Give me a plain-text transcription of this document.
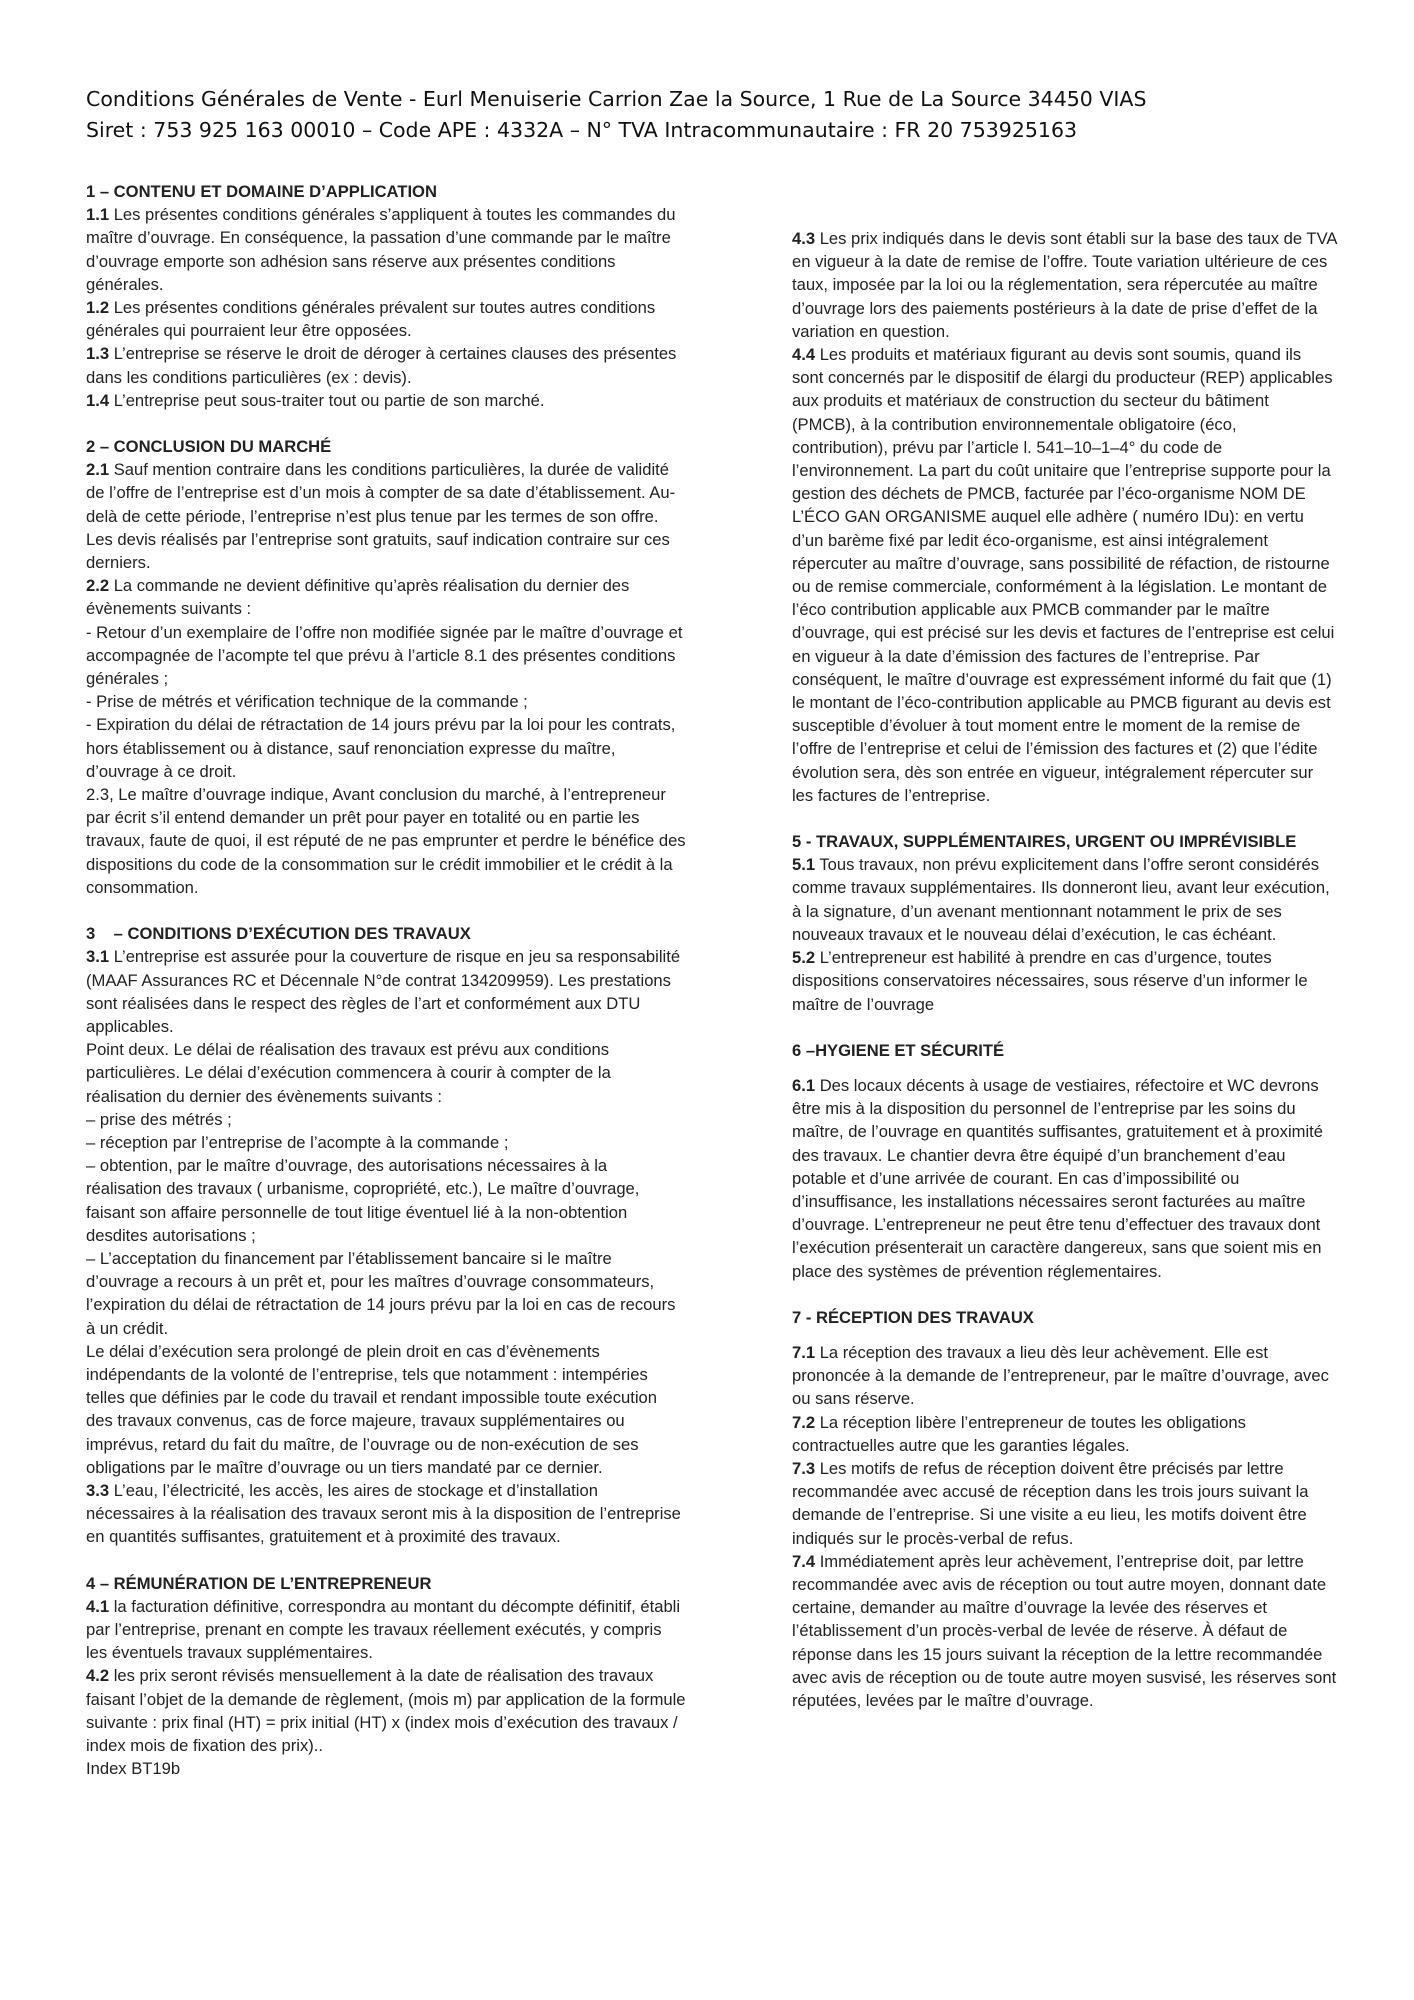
Conditions Générales de Vente - Eurl Menuiserie Carrion Zae la Source, 1 Rue de La Source 34450 VIAS
Siret : 753 925 163 00010 – Code APE : 4332A – N° TVA Intracommunautaire : FR 20 753925163

1 – CONTENU ET DOMAINE D’APPLICATION

1.1 Les présentes conditions générales s’appliquent à toutes les commandes du maître d’ouvrage. En conséquence, la passation d’une commande par le maître d’ouvrage emporte son adhésion sans réserve aux présentes conditions générales.

1.2 Les présentes conditions générales prévalent sur toutes autres conditions générales qui pourraient leur être opposées.

1.3 L’entreprise se réserve le droit de déroger à certaines clauses des présentes dans les conditions particulières (ex : devis).

1.4 L’entreprise peut sous-traiter tout ou partie de son marché.

2 – CONCLUSION DU MARCHÉ

2.1 Sauf mention contraire dans les conditions particulières, la durée de validité de l’offre de l’entreprise est d’un mois à compter de sa date d’établissement. Au-delà de cette période, l’entreprise n’est plus tenue par les termes de son offre. Les devis réalisés par l’entreprise sont gratuits, sauf indication contraire sur ces derniers.

2.2 La commande ne devient définitive qu’après réalisation du dernier des évènements suivants :

- Retour d’un exemplaire de l’offre non modifiée signée par le maître d’ouvrage et accompagnée de l’acompte tel que prévu à l’article 8.1 des présentes conditions générales ;

- Prise de métrés et vérification technique de la commande ;

- Expiration du délai de rétractation de 14 jours prévu par la loi pour les contrats, hors établissement ou à distance, sauf renonciation expresse du maître, d’ouvrage à ce droit.

2.3, Le maître d’ouvrage indique, Avant conclusion du marché, à l’entrepreneur par écrit s’il entend demander un prêt pour payer en totalité ou en partie les travaux, faute de quoi, il est réputé de ne pas emprunter et perdre le bénéfice des dispositions du code de la consommation sur le crédit immobilier et le crédit à la consommation.

3    – CONDITIONS D’EXÉCUTION DES TRAVAUX

3.1 L’entreprise est assurée pour la couverture de risque en jeu sa responsabilité (MAAF Assurances RC et Décennale N°de contrat 134209959). Les prestations sont réalisées dans le respect des règles de l’art et conformément aux DTU applicables.

Point deux. Le délai de réalisation des travaux est prévu aux conditions particulières. Le délai d’exécution commencera à courir à compter de la réalisation du dernier des évènements suivants :

– prise des métrés ;

– réception par l’entreprise de l’acompte à la commande ;

– obtention, par le maître d’ouvrage, des autorisations nécessaires à la réalisation des travaux ( urbanisme, copropriété, etc.), Le maître d’ouvrage, faisant son affaire personnelle de tout litige éventuel lié à la non-obtention desdites autorisations ;

– L’acceptation du financement par l’établissement bancaire si le maître d’ouvrage a recours à un prêt et, pour les maîtres d’ouvrage consommateurs, l’expiration du délai de rétractation de 14 jours prévu par la loi en cas de recours à un crédit.

Le délai d’exécution sera prolongé de plein droit en cas d’évènements indépendants de la volonté de l’entreprise, tels que notamment : intempéries telles que définies par le code du travail et rendant impossible toute exécution des travaux convenus, cas de force majeure, travaux supplémentaires ou imprévus, retard du fait du maître, de l’ouvrage ou de non-exécution de ses obligations par le maître d’ouvrage ou un tiers mandaté par ce dernier.

3.3 L’eau, l’électricité, les accès, les aires de stockage et d’installation nécessaires à la réalisation des travaux seront mis à la disposition de l’entreprise en quantités suffisantes, gratuitement et à proximité des travaux.

4 – RÉMUNÉRATION DE L’ENTREPRENEUR

4.1 la facturation définitive, correspondra au montant du décompte définitif, établi par l’entreprise, prenant en compte les travaux réellement exécutés, y compris les éventuels travaux supplémentaires.

4.2 les prix seront révisés mensuellement à la date de réalisation des travaux faisant l’objet de la demande de règlement, (mois m) par application de la formule suivante : prix final (HT) = prix initial (HT) x (index mois d’exécution des travaux / index mois de fixation des prix)..

Index BT19b

4.3 Les prix indiqués dans le devis sont établi sur la base des taux de TVA en vigueur à la date de remise de l’offre. Toute variation ultérieure de ces taux, imposée par la loi ou la réglementation, sera répercutée au maître d’ouvrage lors des paiements postérieurs à la date de prise d’effet de la variation en question.

4.4 Les produits et matériaux figurant au devis sont soumis, quand ils sont concernés par le dispositif de élargi du producteur (REP) applicables aux produits et matériaux de construction du secteur du bâtiment (PMCB), à la contribution environnementale obligatoire (éco, contribution), prévu par l’article l. 541–10–1–4° du code de l’environnement. La part du coût unitaire que l’entreprise supporte pour la gestion des déchets de PMCB, facturée par l’éco-organisme NOM DE L’ÉCO GAN ORGANISME auquel elle adhère ( numéro IDu): en vertu d’un barème fixé par ledit éco-organisme, est ainsi intégralement répercuter au maître d’ouvrage, sans possibilité de réfaction, de ristourne ou de remise commerciale, conformément à la législation. Le montant de l’éco contribution applicable aux PMCB commander par le maître d’ouvrage, qui est précisé sur les devis et factures de l’entreprise est celui en vigueur à la date d’émission des factures de l’entreprise. Par conséquent, le maître d’ouvrage est expressément informé du fait que (1) le montant de l’éco-contribution applicable au PMCB figurant au devis est susceptible d’évoluer à tout moment entre le moment de la remise de l’offre de l’entreprise et celui de l’émission des factures et (2) que l’édite évolution sera, dès son entrée en vigueur, intégralement répercuter sur les factures de l’entreprise.

5 - TRAVAUX, SUPPLÉMENTAIRES, URGENT OU IMPRÉVISIBLE

5.1 Tous travaux, non prévu explicitement dans l’offre seront considérés comme travaux supplémentaires. Ils donneront lieu, avant leur exécution, à la signature, d’un avenant mentionnant notamment le prix de ses nouveaux travaux et le nouveau délai d’exécution, le cas échéant.

5.2 L’entrepreneur est habilité à prendre en cas d’urgence, toutes dispositions conservatoires nécessaires, sous réserve d’un informer le maître de l’ouvrage

6 –HYGIENE ET SÉCURITÉ

6.1 Des locaux décents à usage de vestiaires, réfectoire et WC devrons être mis à la disposition du personnel de l’entreprise par les soins du maître, de l’ouvrage en quantités suffisantes, gratuitement et à proximité des travaux. Le chantier devra être équipé d’un branchement d’eau potable et d’une arrivée de courant. En cas d’impossibilité ou d’insuffisance, les installations nécessaires seront facturées au maître d’ouvrage. L’entrepreneur ne peut être tenu d’effectuer des travaux dont l’exécution présenterait un caractère dangereux, sans que soient mis en place des systèmes de prévention réglementaires.

7 - RÉCEPTION DES TRAVAUX

7.1 La réception des travaux a lieu dès leur achèvement. Elle est prononcée à la demande de l’entrepreneur, par le maître d’ouvrage, avec ou sans réserve.

7.2 La réception libère l’entrepreneur de toutes les obligations contractuelles autre que les garanties légales.

7.3 Les motifs de refus de réception doivent être précisés par lettre recommandée avec accusé de réception dans les trois jours suivant la demande de l’entreprise. Si une visite a eu lieu, les motifs doivent être indiqués sur le procès-verbal de refus.

7.4 Immédiatement après leur achèvement, l’entreprise doit, par lettre recommandée avec avis de réception ou tout autre moyen, donnant date certaine, demander au maître d’ouvrage la levée des réserves et l’établissement d’un procès-verbal de levée de réserve. À défaut de réponse dans les 15 jours suivant la réception de la lettre recommandée avec avis de réception ou de toute autre moyen susvisé, les réserves sont réputées, levées par le maître d’ouvrage.
